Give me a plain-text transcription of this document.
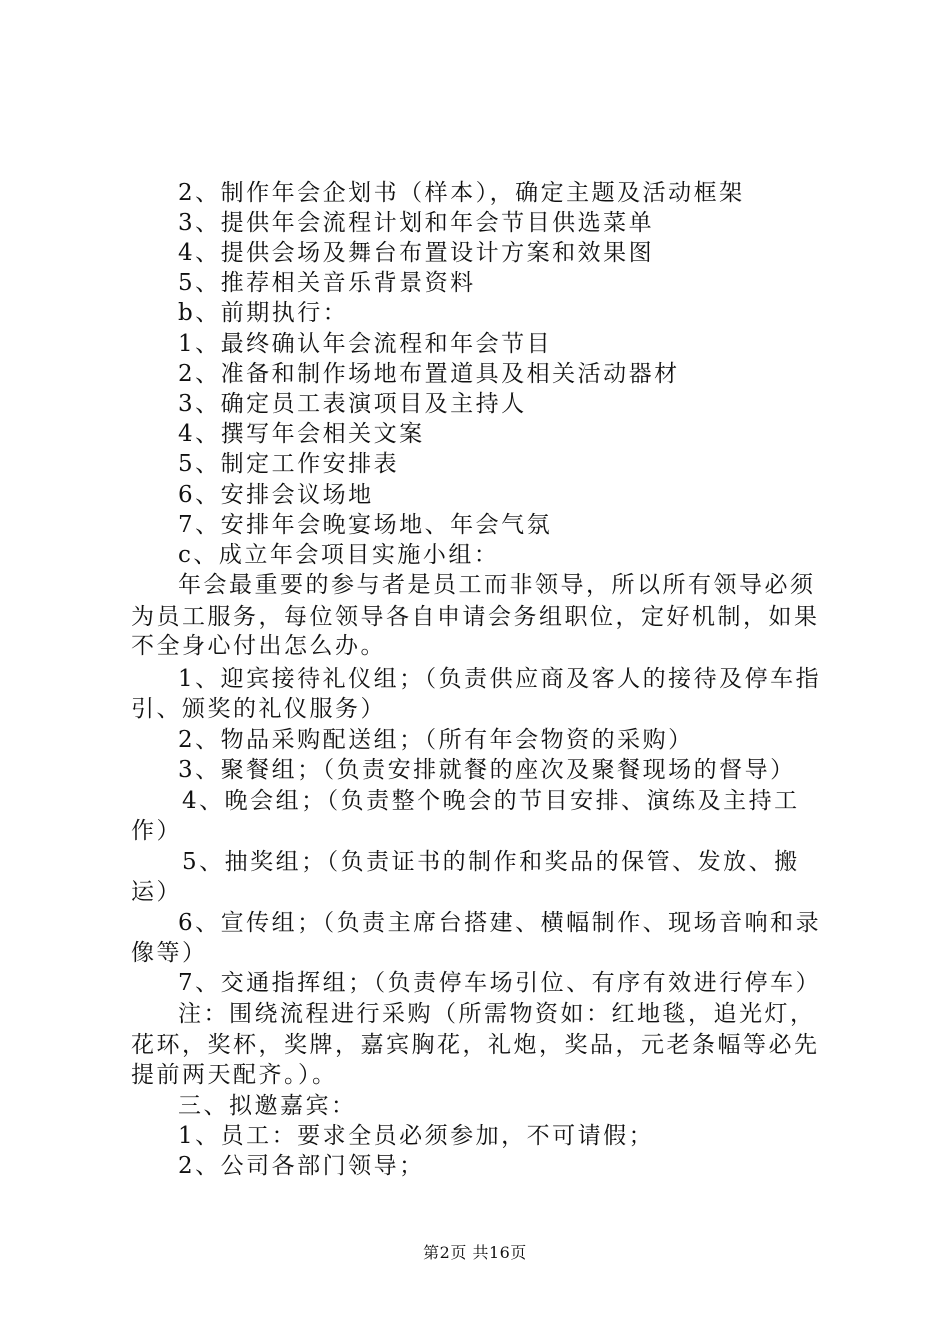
2、制作年会企划书（样本），确定主题及活动框架
3、提供年会流程计划和年会节目供选菜单
4、提供会场及舞台布置设计方案和效果图
5、推荐相关音乐背景资料
b、前期执行：
1、最终确认年会流程和年会节目
2、准备和制作场地布置道具及相关活动器材
3、确定员工表演项目及主持人
4、撰写年会相关文案
5、制定工作安排表
6、安排会议场地
7、安排年会晚宴场地、年会气氛
c、成立年会项目实施小组：
年会最重要的参与者是员工而非领导，所以所有领导必须
为员工服务，每位领导各自申请会务组职位，定好机制，如果
不全身心付出怎么办。
1、迎宾接待礼仪组；（负责供应商及客人的接待及停车指
引、颁奖的礼仪服务）
2、物品采购配送组；（所有年会物资的采购）
3、聚餐组；（负责安排就餐的座次及聚餐现场的督导）
4、晚会组；（负责整个晚会的节目安排、演练及主持工
作）
5、抽奖组；（负责证书的制作和奖品的保管、发放、搬
运）
6、宣传组；（负责主席台搭建、横幅制作、现场音响和录
像等）
7、交通指挥组；（负责停车场引位、有序有效进行停车）
注：围绕流程进行采购（所需物资如：红地毯，追光灯，
花环，奖杯，奖牌，嘉宾胸花，礼炮，奖品，元老条幅等必先
提前两天配齐。）。
三、拟邀嘉宾：
1、员工：要求全员必须参加，不可请假；
2、公司各部门领导；
第2页 共16页
